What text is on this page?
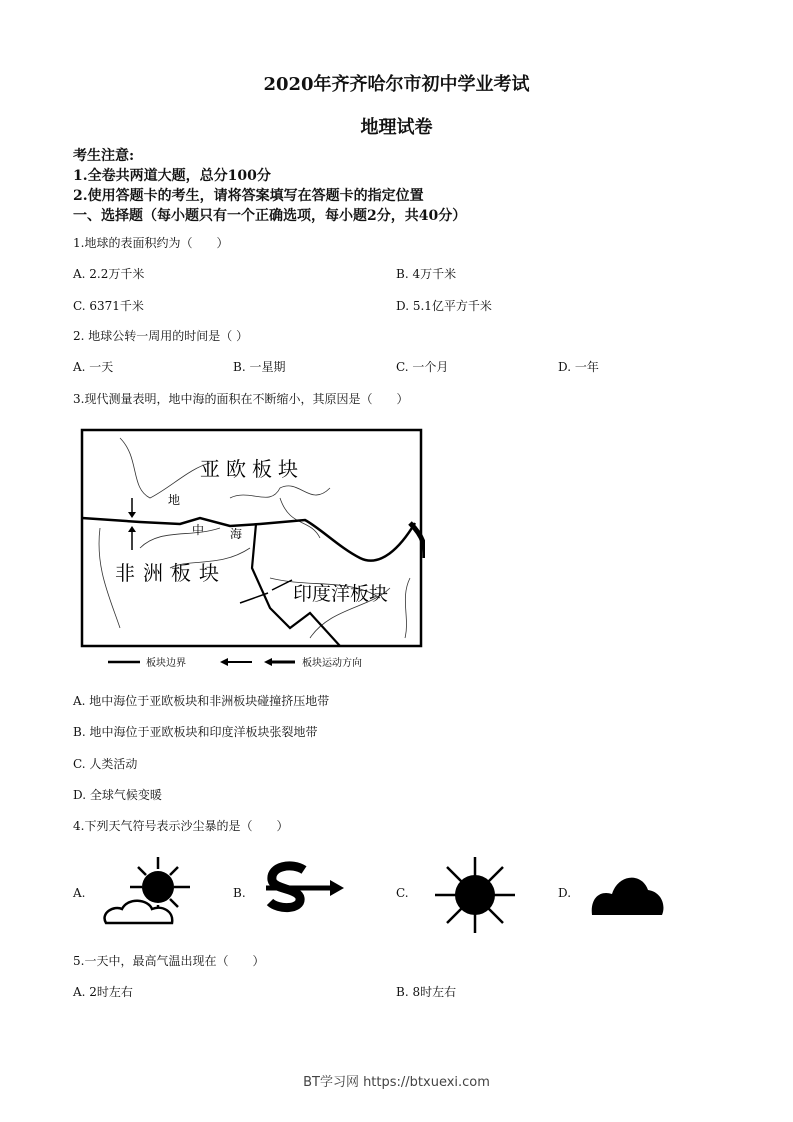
2020年齐齐哈尔市初中学业考试
地理试卷
考生注意:
1.全卷共两道大题，总分100分
2.使用答题卡的考生，请将答案填写在答题卡的指定位置
一、选择题（每小题只有一个正确选项，每小题2分，共40分）
1.地球的表面积约为（　　）
A. 2.2万千米	B. 4万千米
C. 6371千米	D. 5.1亿平方千米
2. 地球公转一周用的时间是（ ）
A. 一天	B. 一星期	C. 一个月	D. 一年
3.现代测量表明，地中海的面积在不断缩小，其原因是（　　）
亚欧板块
非洲板块
印度洋板块
地
中 海
板块边界	板块运动方向
A. 地中海位于亚欧板块和非洲板块碰撞挤压地带
B. 地中海位于亚欧板块和印度洋板块张裂地带
C. 人类活动
D. 全球气候变暖
4.下列天气符号表示沙尘暴的是（　　）
A.	B.	C.	D.
5.一天中，最高气温出现在（　　）
A. 2时左右	B. 8时左右
BT学习网 https://btxuexi.com
